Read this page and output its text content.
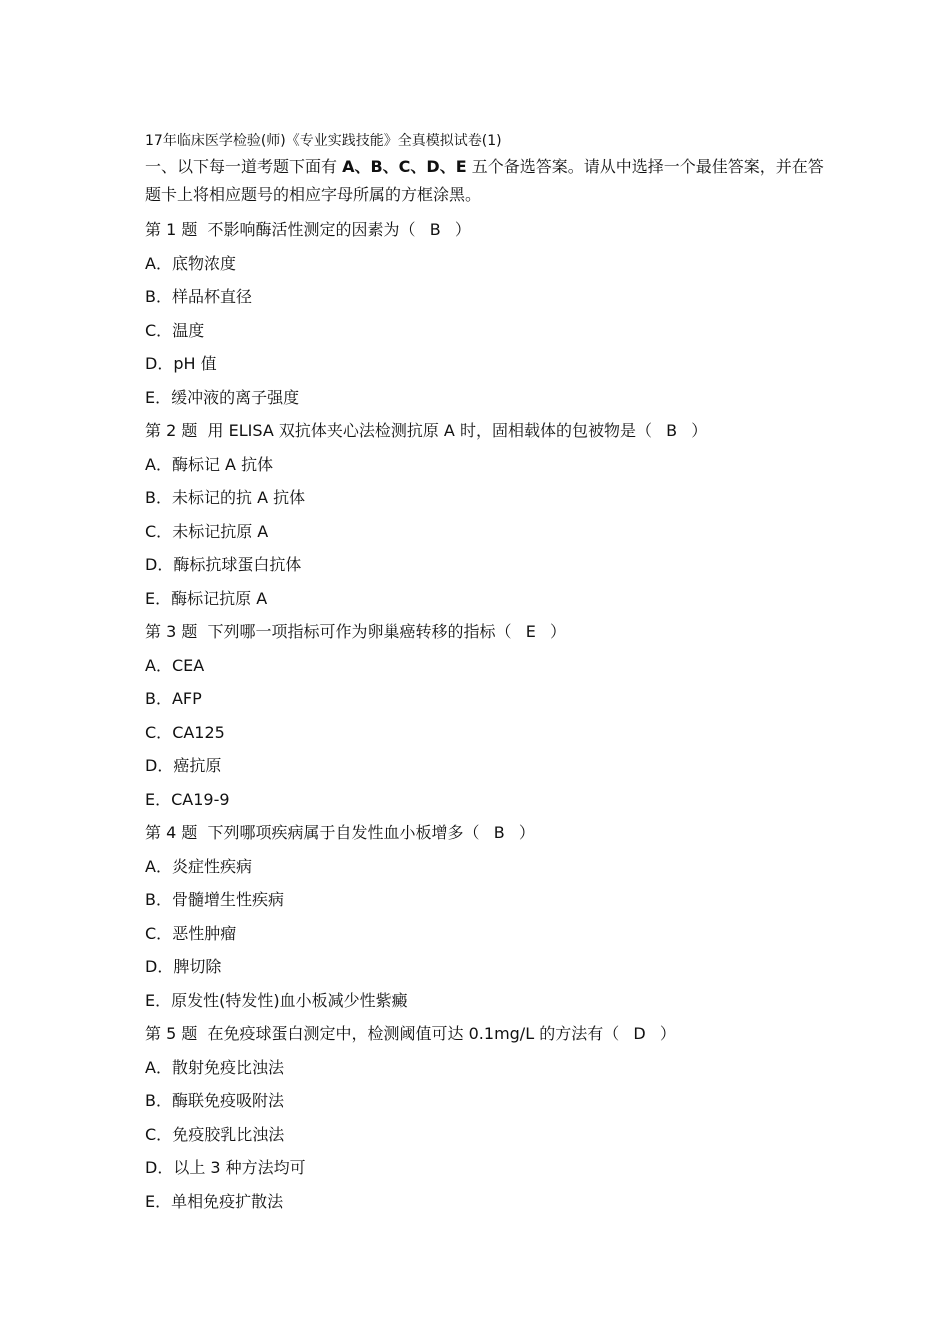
17年临床医学检验(师)《专业实践技能》全真模拟试卷(1)
一、以下每一道考题下面有 A、B、C、D、E 五个备选答案。请从中选择一个最佳答案，并在答题卡上将相应题号的相应字母所属的方框涂黑。
第 1 题 不影响酶活性测定的因素为（ B ）
A．底物浓度
B．样品杯直径
C．温度
D．pH 值
E．缓冲液的离子强度
第 2 题 用 ELISA 双抗体夹心法检测抗原 A 时，固相载体的包被物是（ B ）
A．酶标记 A 抗体
B．未标记的抗 A 抗体
C．未标记抗原 A
D．酶标抗球蛋白抗体
E．酶标记抗原 A
第 3 题 下列哪一项指标可作为卵巢癌转移的指标（ E ）
A．CEA
B．AFP
C．CA125
D．癌抗原
E．CA19-9
第 4 题 下列哪项疾病属于自发性血小板增多（ B ）
A．炎症性疾病
B．骨髓增生性疾病
C．恶性肿瘤
D．脾切除
E．原发性(特发性)血小板减少性紫癜
第 5 题 在免疫球蛋白测定中，检测阈值可达 0.1mg/L 的方法有（ D ）
A．散射免疫比浊法
B．酶联免疫吸附法
C．免疫胶乳比浊法
D．以上 3 种方法均可
E．单相免疫扩散法
